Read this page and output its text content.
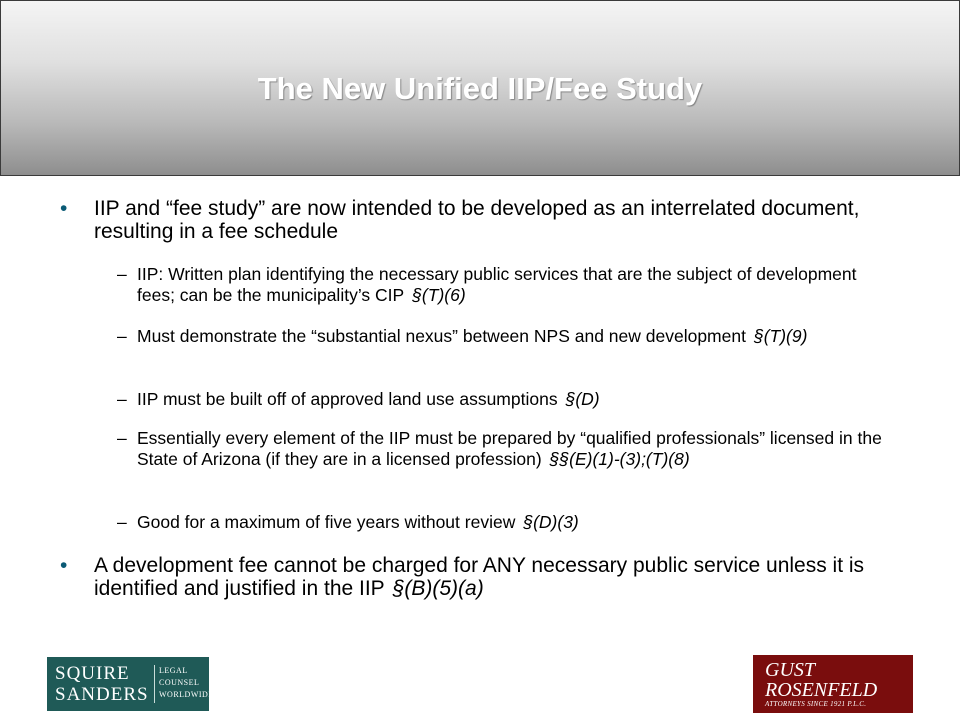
The New Unified IIP/Fee Study
• IIP and “fee study” are now intended to be developed as an interrelated document, resulting in a fee schedule
– IIP: Written plan identifying the necessary public services that are the subject of development fees; can be the municipality’s CIP §(T)(6)
– Must demonstrate the “substantial nexus” between NPS and new development §(T)(9)
– IIP must be built off of approved land use assumptions §(D)
– Essentially every element of the IIP must be prepared by “qualified professionals” licensed in the State of Arizona (if they are in a licensed profession) §§(E)(1)-(3);(T)(8)
– Good for a maximum of five years without review §(D)(3)
• A development fee cannot be charged for ANY necessary public service unless it is identified and justified in the IIP §(B)(5)(a)
SQUIRE
SANDERS
LEGAL
COUNSEL
WORLDWIDE
GUST
ROSENFELD
ATTORNEYS SINCE 1921 P.L.C.
